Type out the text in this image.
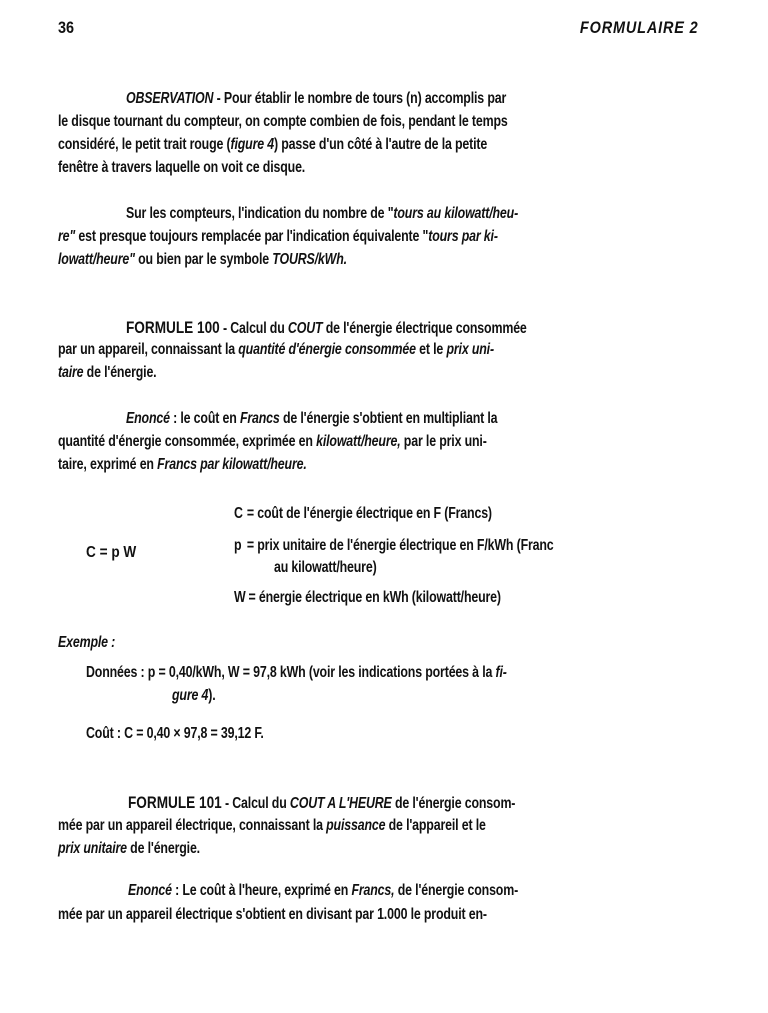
36	FORMULAIRE 2
OBSERVATION - Pour établir le nombre de tours (n) accomplis par
le disque tournant du compteur, on compte combien de fois, pendant le temps
considéré, le petit trait rouge (figure 4) passe d'un côté à l'autre de la petite
fenêtre à travers laquelle on voit ce disque.
Sur les compteurs, l'indication du nombre de "tours au kilowatt/heu-
re" est presque toujours remplacée par l'indication équivalente "tours par ki-
lowatt/heure" ou bien par le symbole TOURS/kWh.
FORMULE 100 - Calcul du COUT de l'énergie électrique consommée
par un appareil, connaissant la quantité d'énergie consommée et le prix uni-
taire de l'énergie.
Enoncé : le coût en Francs de l'énergie s'obtient en multipliant la
quantité d'énergie consommée, exprimée en kilowatt/heure, par le prix uni-
taire, exprimé en Francs par kilowatt/heure.
C = p W
C = coût de l'énergie électrique en F (Francs)
p = prix unitaire de l'énergie électrique en F/kWh (Franc
au kilowatt/heure)
W = énergie électrique en kWh (kilowatt/heure)
Exemple :
Données : p = 0,40/kWh, W = 97,8 kWh (voir les indications portées à la fi-
gure 4).
Coût : C = 0,40 × 97,8 = 39,12 F.
FORMULE 101 - Calcul du COUT A L'HEURE de l'énergie consom-
mée par un appareil électrique, connaissant la puissance de l'appareil et le
prix unitaire de l'énergie.
Enoncé : Le coût à l'heure, exprimé en Francs, de l'énergie consom-
mée par un appareil électrique s'obtient en divisant par 1.000 le produit en-
